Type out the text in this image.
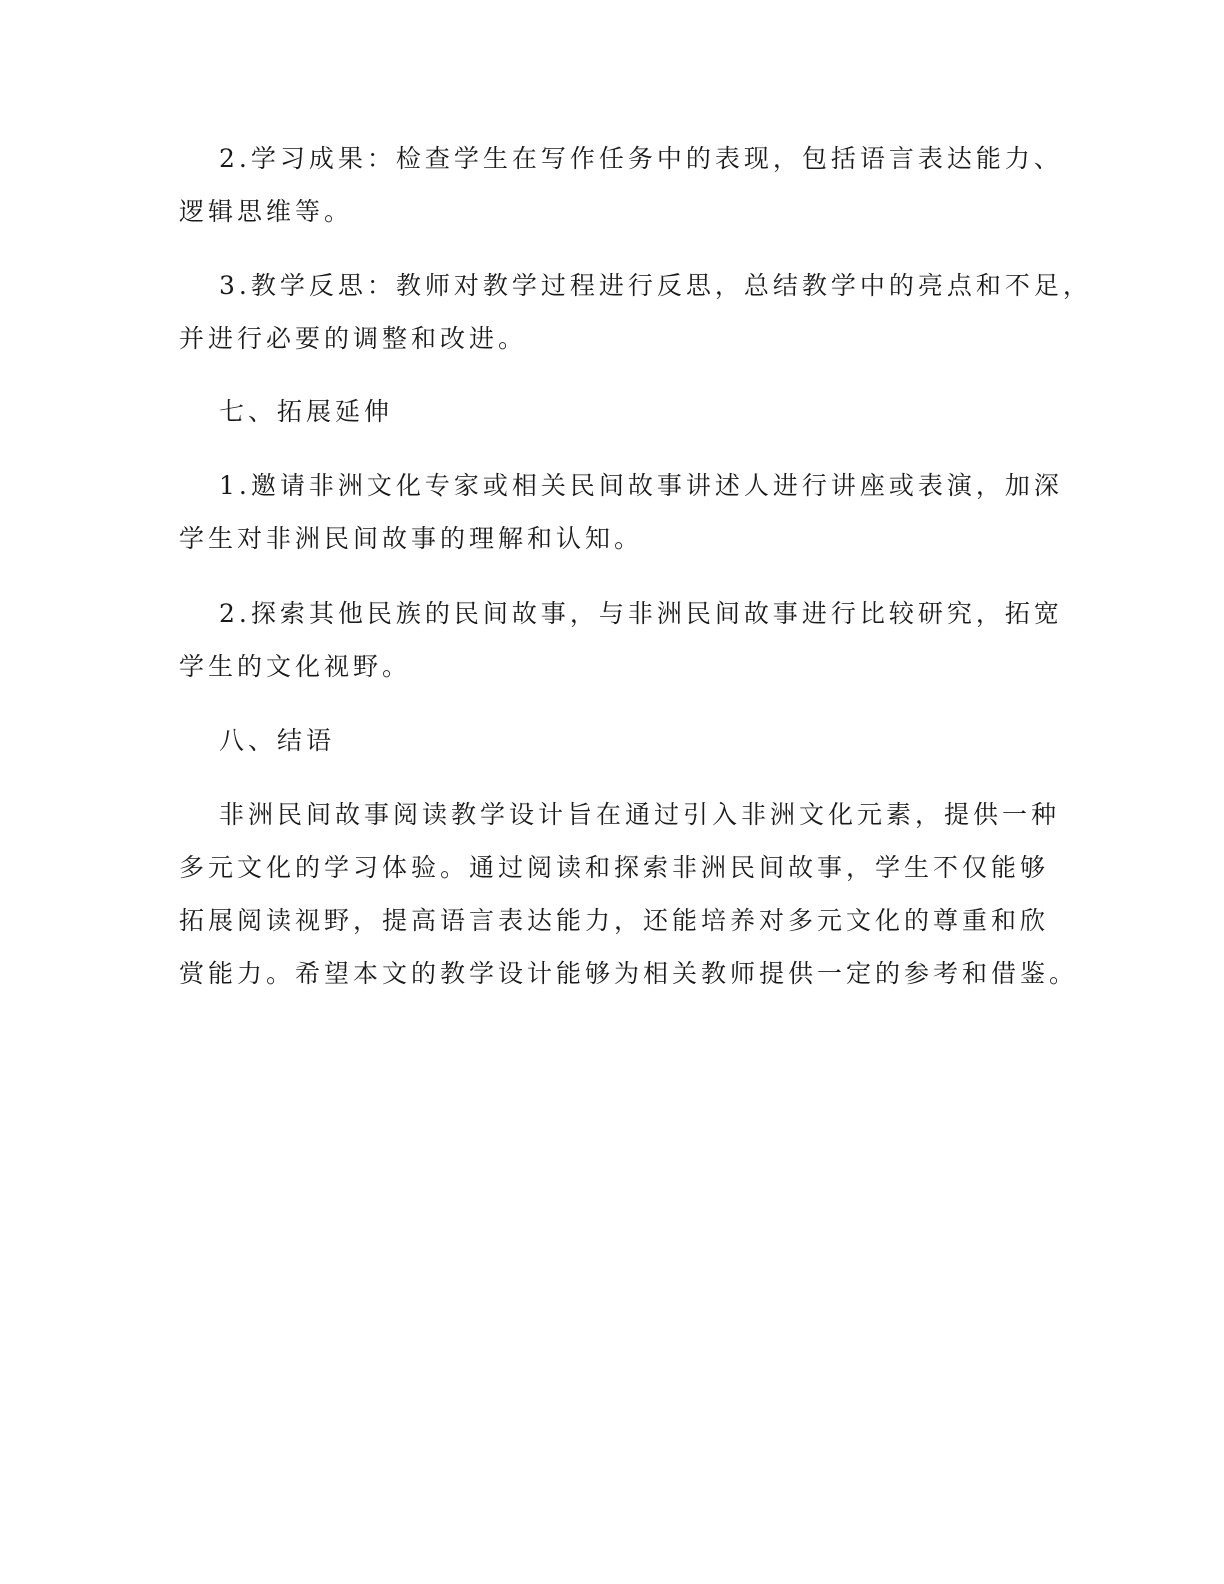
2.学习成果：检查学生在写作任务中的表现，包括语言表达能力、
逻辑思维等。
3.教学反思：教师对教学过程进行反思，总结教学中的亮点和不足，
并进行必要的调整和改进。
七、拓展延伸
1.邀请非洲文化专家或相关民间故事讲述人进行讲座或表演，加深
学生对非洲民间故事的理解和认知。
2.探索其他民族的民间故事，与非洲民间故事进行比较研究，拓宽
学生的文化视野。
八、结语
非洲民间故事阅读教学设计旨在通过引入非洲文化元素，提供一种
多元文化的学习体验。通过阅读和探索非洲民间故事，学生不仅能够
拓展阅读视野，提高语言表达能力，还能培养对多元文化的尊重和欣
赏能力。希望本文的教学设计能够为相关教师提供一定的参考和借鉴。
